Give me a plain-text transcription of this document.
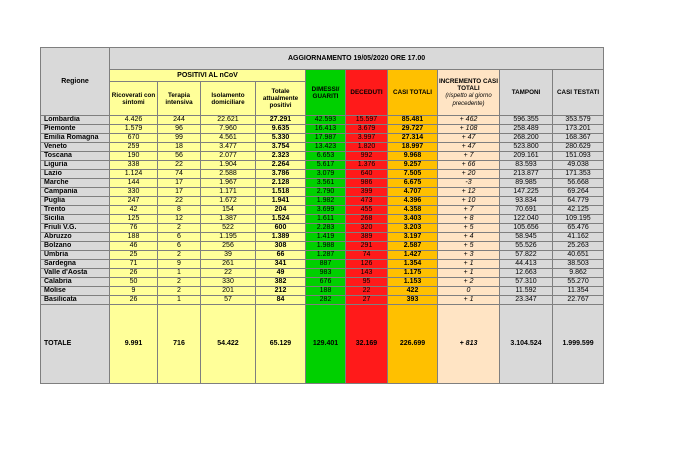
Regione	AGGIORNAMENTO 19/05/2020 ORE 17.00									
	POSITIVI AL nCoV				DIMESSI/ GUARITI	DECEDUTI	CASI TOTALI	INCREMENTO CASI TOTALI
(rispetto al giorno precedente)	TAMPONI	CASI TESTATI
	Ricoverati con sintomi	Terapia intensiva	Isolamento domiciliare	Totale attualmente positivi						
Lombardia	4.426	244	22.621	27.291	42.593	15.597	85.481	+ 462	596.355	353.579
Piemonte	1.579	96	7.960	9.635	16.413	3.679	29.727	+ 108	258.489	173.201
Emilia Romagna	670	99	4.561	5.330	17.987	3.997	27.314	+ 47	268.200	168.367
Veneto	259	18	3.477	3.754	13.423	1.820	18.997	+ 47	523.800	280.629
Toscana	190	56	2.077	2.323	6.653	992	9.968	+ 7	209.161	151.093
Liguria	338	22	1.904	2.264	5.617	1.376	9.257	+ 66	83.593	49.038
Lazio	1.124	74	2.588	3.786	3.079	640	7.505	+ 20	213.877	171.353
Marche	144	17	1.967	2.128	3.561	986	6.675	-3	89.985	56.668
Campania	330	17	1.171	1.518	2.790	399	4.707	+ 12	147.225	69.264
Puglia	247	22	1.672	1.941	1.982	473	4.396	+ 10	93.834	64.779
Trento	42	8	154	204	3.699	455	4.358	+ 7	70.691	42.125
Sicilia	125	12	1.387	1.524	1.611	268	3.403	+ 8	122.040	109.195
Friuli V.G.	76	2	522	600	2.283	320	3.203	+ 5	105.656	65.476
Abruzzo	188	6	1.195	1.389	1.419	389	3.197	+ 4	58.945	41.162
Bolzano	46	6	256	308	1.988	291	2.587	+ 5	55.526	25.263
Umbria	25	2	39	66	1.287	74	1.427	+ 3	57.822	40.651
Sardegna	71	9	261	341	887	126	1.354	+ 1	44.413	38.503
Valle d'Aosta	26	1	22	49	983	143	1.175	+ 1	12.663	9.862
Calabria	50	2	330	382	676	95	1.153	+ 2	57.310	55.270
Molise	9	2	201	212	188	22	422	0	11.592	11.354
Basilicata	26	1	57	84	282	27	393	+ 1	23.347	22.767
TOTALE	9.991	716	54.422	65.129	129.401	32.169	226.699	+ 813	3.104.524	1.999.599
